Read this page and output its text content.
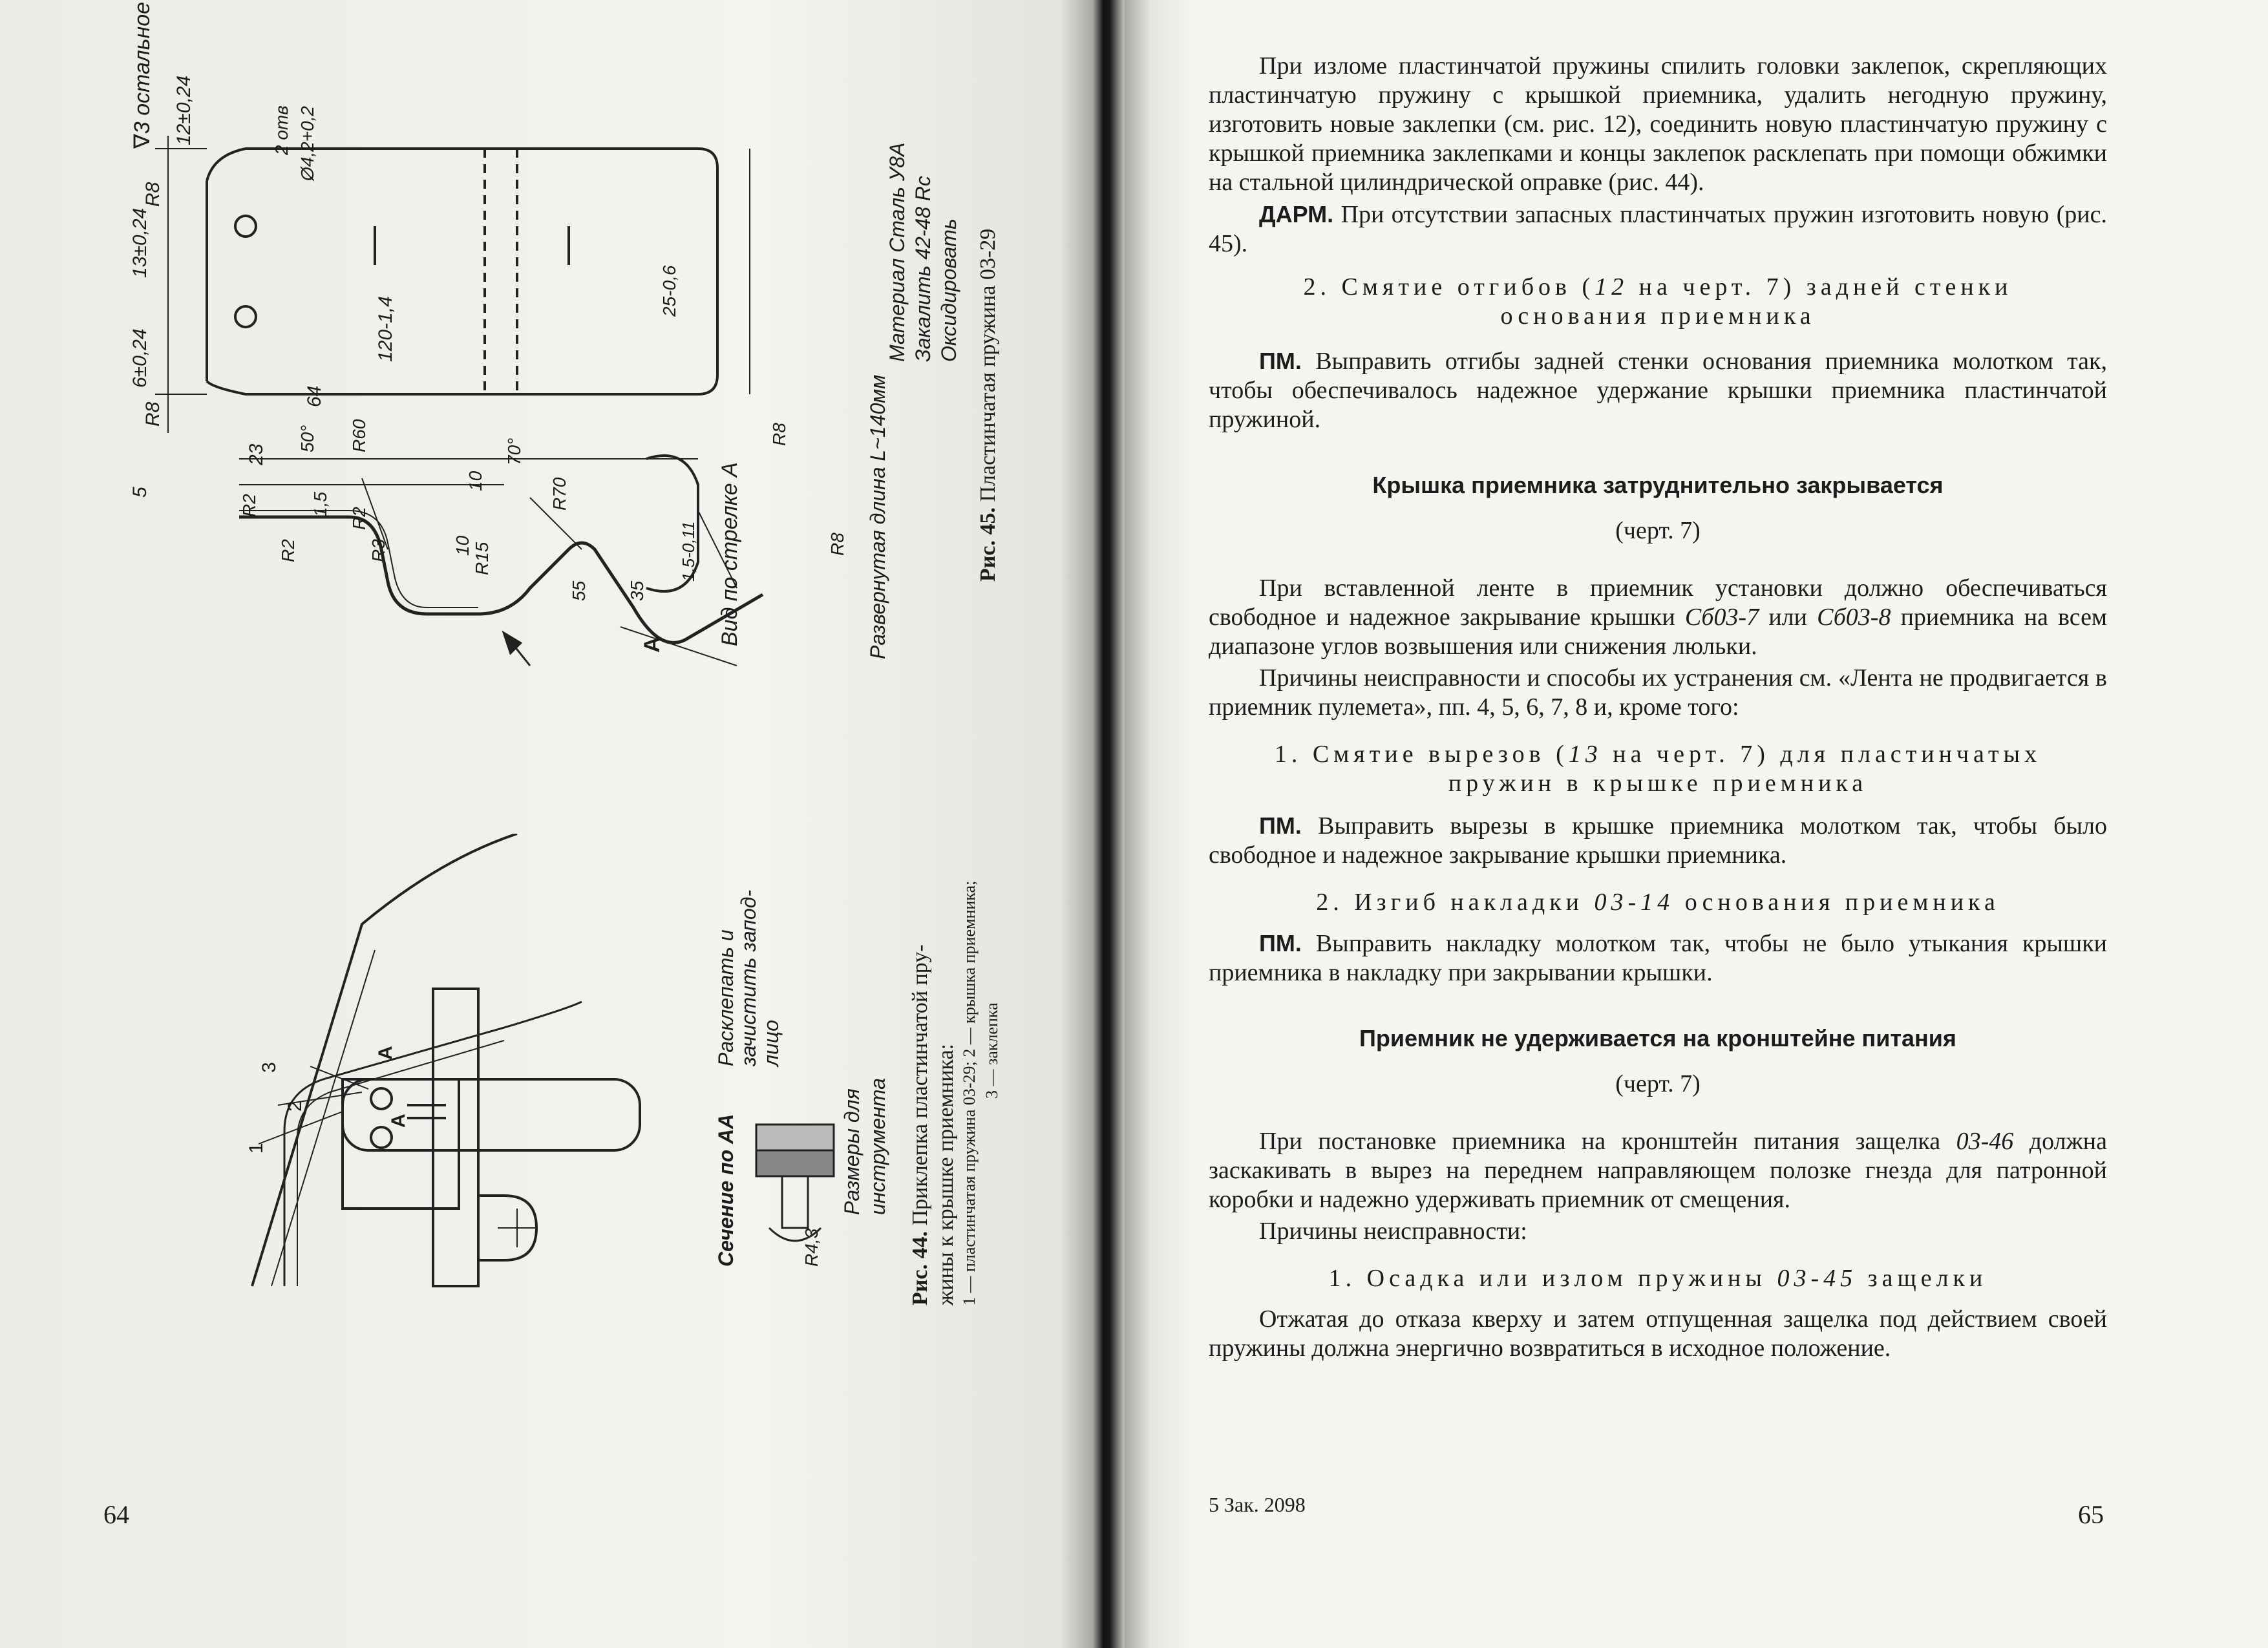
∇3 остальное 12±0,24
R8
2 отв Ø4,2+0,2
13±0,24
25-0,6
6±0,24
R8
120-1,4
64
5
23
50° R60
R2	1,5
R2
R2	R3	10 R15
10
70°
R70
55 35
1,5-0,11
A
R8
R8
Вид по стрелке А	Развернутая длина L~140мм
Материал Сталь У8А Закалить 42-48 Rc Оксидировать
Рис. 45. Пластинчатая пружина 03-29
1
2
3
A
A	Сечение по АА
Расклепать и зачистить запод- лицо
Размеры для инструмента
R4,3	Рис. 44. Приклепка пластинчатой пру- жины к крышке приемника: 1 — пластинчатая пружина 03-29; 2 — крышка приемника; 3 — заклепка
64

При изломе пластинчатой пружины спилить головки заклепок, скрепляющих пластинчатую пружину с крышкой приемника, удалить негодную пружину, изготовить новые заклепки (см. рис. 12), соединить новую пластинчатую пружину с крышкой приемника заклепками и концы заклепок расклепать при помощи обжимки на стальной цилиндрической оправке (рис. 44).

ДАРМ. При отсутствии запасных пластинчатых пружин изготовить новую (рис. 45).

2. Смятие отгибов (12 на черт. 7) задней стенки

основания приемника

ПМ. Выправить отгибы задней стенки основания приемника молотком так, чтобы обеспечивалось надежное удержание крышки приемника пластинчатой пружиной.

Крышка приемника затруднительно закрывается

(черт. 7)

При вставленной ленте в приемник установки должно обеспечиваться свободное и надежное закрывание крышки Сб03-7 или Сб03-8 приемника на всем диапазоне углов возвышения или снижения люльки.

Причины неисправности и способы их устранения см. «Лента не продвигается в приемник пулемета», пп. 4, 5, 6, 7, 8 и, кроме того:

1. Смятие вырезов (13 на черт. 7) для пластинчатых

пружин в крышке приемника

ПМ. Выправить вырезы в крышке приемника молотком так, чтобы было свободное и надежное закрывание крышки приемника.

2. Изгиб накладки 03-14 основания приемника

ПМ. Выправить накладку молотком так, чтобы не было утыкания крышки приемника в накладку при закрывании крышки.

Приемник не удерживается на кронштейне питания

(черт. 7)

При постановке приемника на кронштейн питания защелка 03-46 должна заскакивать в вырез на переднем направляющем полозке гнезда для патронной коробки и надежно удерживать приемник от смещения.

Причины неисправности:

1. Осадка или излом пружины 03-45 защелки

Отжатая до отказа кверху и затем отпущенная защелка под действием своей пружины должна энергично возвратиться в исходное положение.

5 Зак. 2098	65
